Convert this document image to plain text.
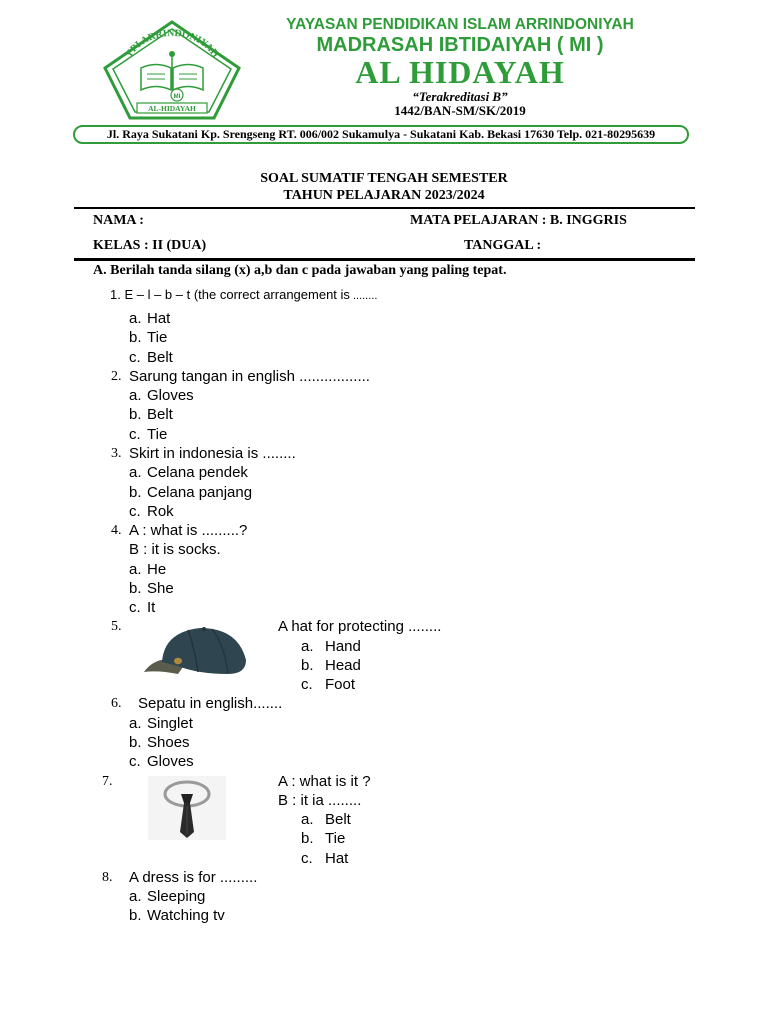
YPI ARRINDONIYAH
MI
AL-HIDAYAH
YAYASAN PENDIDIKAN ISLAM ARRINDONIYAH
MADRASAH IBTIDAIYAH ( MI )
AL HIDAYAH
“Terakreditasi B”
1442/BAN-SM/SK/2019
Jl. Raya Sukatani Kp. Srengseng RT. 006/002 Sukamulya - Sukatani Kab. Bekasi 17630 Telp. 021-80295639
SOAL SUMATIF TENGAH SEMESTER
TAHUN PELAJARAN 2023/2024
NAMA :	MATA PELAJARAN : B. INGGRIS
KELAS : II (DUA)	TANGGAL :
A. Berilah tanda silang (x) a,b dan c pada jawaban yang paling tepat.
1. E – l – b – t (the correct arrangement is ........
a. Hat
b. Tie
c. Belt
2. Sarung tangan in english .................
a. Gloves
b. Belt
c. Tie
3. Skirt in indonesia is ........
a. Celana pendek
b. Celana panjang
c. Rok
4. A : what is .........?
B : it is socks.
a. He
b. She
c. It
5.	A hat for protecting ........
a. Hand
b. Head
c. Foot
6. Sepatu in english.......
a. Singlet
b. Shoes
c. Gloves
7.	A : what is it ?
B : it ia ........
a. Belt
b. Tie
c. Hat
8. A dress is for .........
a. Sleeping
b. Watching tv
